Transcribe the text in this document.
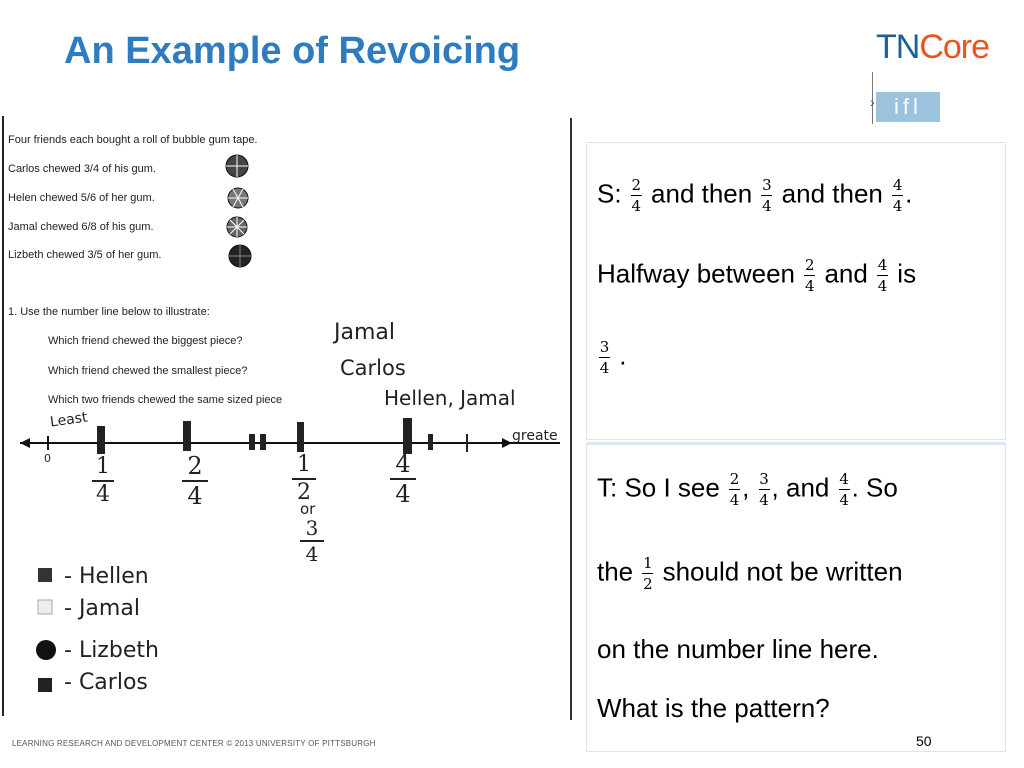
An Example of Revoicing	TNCore
› ifl
Four friends each bought a roll of bubble gum tape.
Carlos chewed 3/4 of his gum.
Helen chewed 5/6 of her gum.
Jamal chewed 6/8 of his gum.
Lizbeth chewed 3/5 of her gum.
1. Use the number line below to illustrate:
Which friend chewed the biggest piece?
Which friend chewed the smallest piece?
Which two friends chewed the same sized piece
Jamal
Carlos
Hellen, Jamal
Least
greate
0 1
4
2
4
1
2
or
3
4
4
4
- Hellen
- Jamal
- Lizbeth
- Carlos
S: $\frac{2}{4}$ and then $\frac{3}{4}$ and then $\frac{4}{4}$ .
Halfway between $\frac{2}{4}$ and $\frac{4}{4}$ is
$\frac{3}{4}$ .
T: So I see $\frac{2}{4}$ , $\frac{3}{4}$ , and $\frac{4}{4}$ . So
the $\frac{1}{2}$ should not be written
on the number line here.
What is the pattern?
LEARNING RESEARCH AND DEVELOPMENT CENTER © 2013 UNIVERSITY OF PITTSBURGH	50
